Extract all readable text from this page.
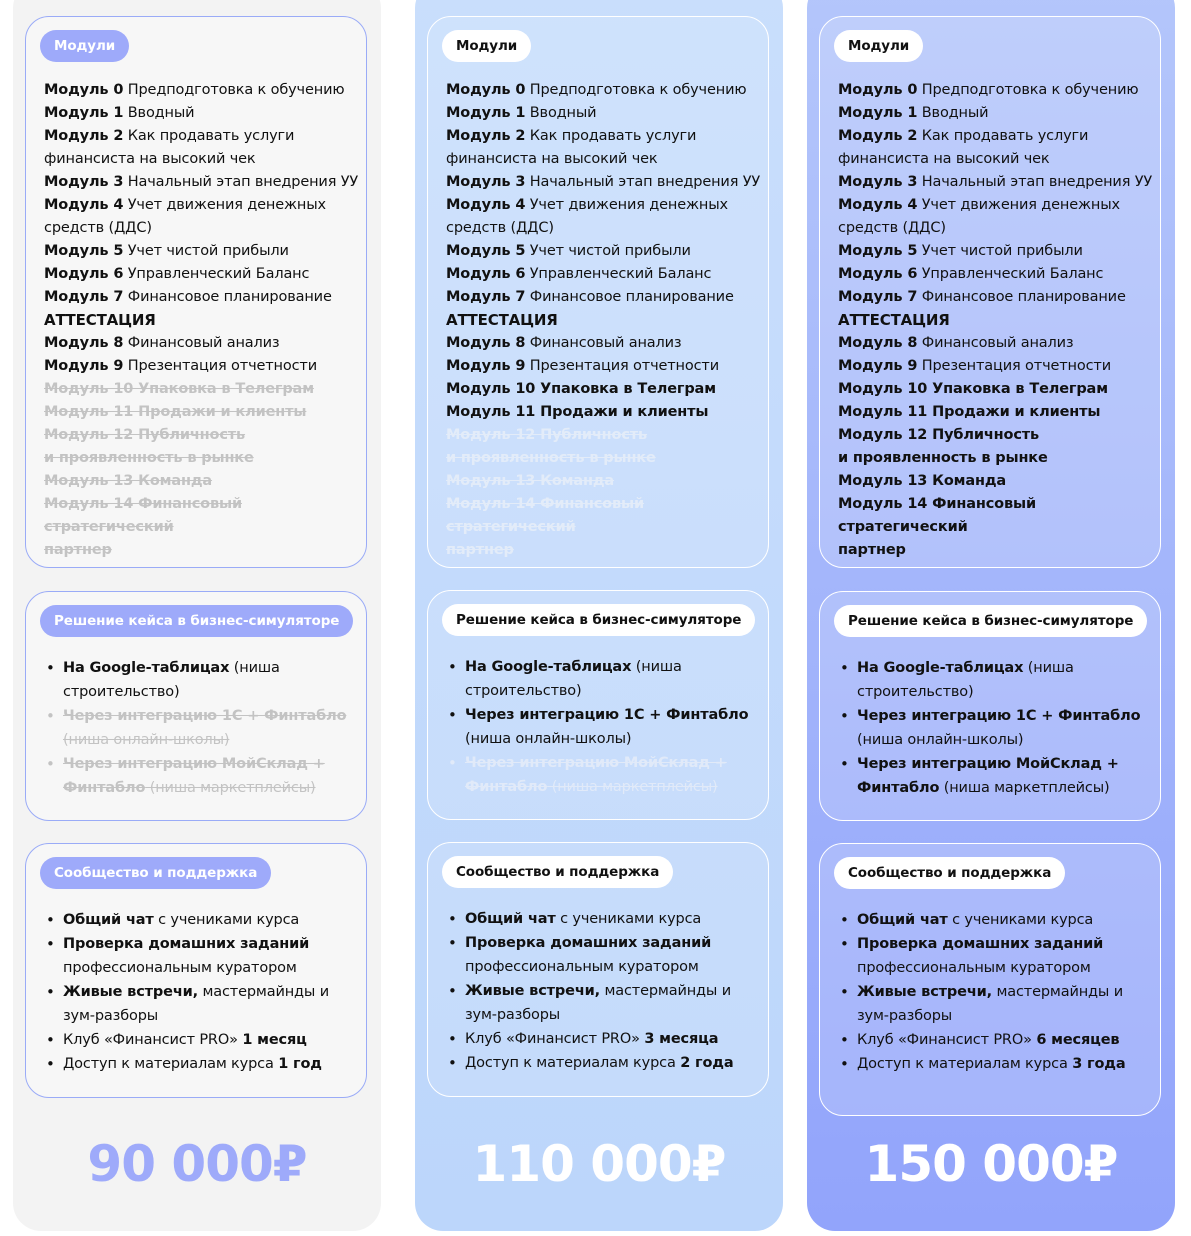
Модули
Модуль 0 Предподготовка к обучению
Модуль 1 Вводный
Модуль 2 Как продавать услуги финансиста на высокий чек
Модуль 3 Начальный этап внедрения УУ
Модуль 4 Учет движения денежных средств (ДДС)
Модуль 5 Учет чистой прибыли
Модуль 6 Управленческий Баланс
Модуль 7 Финансовое планирование
АТТЕСТАЦИЯ
Модуль 8 Финансовый анализ
Модуль 9 Презентация отчетности
Модуль 10 Упаковка в Телеграм
Модуль 11 Продажи и клиенты
Модуль 12 Публичность
и проявленность в рынке
Модуль 13 Команда
Модуль 14 Финансовый стратегический
партнер
Решение кейса в бизнес-симуляторе
• На Google-таблицах (ниша строительство)
• Через интеграцию 1С + Финтабло (ниша онлайн-школы)
• Через интеграцию МойСклад + Финтабло (ниша маркетплейсы)
Сообщество и поддержка
• Общий чат с учениками курса
• Проверка домашних заданий профессиональным куратором
• Живые встречи, мастермайнды и зум-разборы
• Клуб «Финансист PRO» 1 месяц
• Доступ к материалам курса 1 год
90 000₽
Модули
Модуль 0 Предподготовка к обучению
Модуль 1 Вводный
Модуль 2 Как продавать услуги финансиста на высокий чек
Модуль 3 Начальный этап внедрения УУ
Модуль 4 Учет движения денежных средств (ДДС)
Модуль 5 Учет чистой прибыли
Модуль 6 Управленческий Баланс
Модуль 7 Финансовое планирование
АТТЕСТАЦИЯ
Модуль 8 Финансовый анализ
Модуль 9 Презентация отчетности
Модуль 10 Упаковка в Телеграм
Модуль 11 Продажи и клиенты
Модуль 12 Публичность
и проявленность в рынке
Модуль 13 Команда
Модуль 14 Финансовый стратегический
партнер
Решение кейса в бизнес-симуляторе
• На Google-таблицах (ниша строительство)
• Через интеграцию 1С + Финтабло (ниша онлайн-школы)
• Через интеграцию МойСклад + Финтабло (ниша маркетплейсы)
Сообщество и поддержка
• Общий чат с учениками курса
• Проверка домашних заданий профессиональным куратором
• Живые встречи, мастермайнды и зум-разборы
• Клуб «Финансист PRO» 3 месяца
• Доступ к материалам курса 2 года
110 000₽
Модули
Модуль 0 Предподготовка к обучению
Модуль 1 Вводный
Модуль 2 Как продавать услуги финансиста на высокий чек
Модуль 3 Начальный этап внедрения УУ
Модуль 4 Учет движения денежных средств (ДДС)
Модуль 5 Учет чистой прибыли
Модуль 6 Управленческий Баланс
Модуль 7 Финансовое планирование
АТТЕСТАЦИЯ
Модуль 8 Финансовый анализ
Модуль 9 Презентация отчетности
Модуль 10 Упаковка в Телеграм
Модуль 11 Продажи и клиенты
Модуль 12 Публичность
и проявленность в рынке
Модуль 13 Команда
Модуль 14 Финансовый стратегический
партнер
Решение кейса в бизнес-симуляторе
• На Google-таблицах (ниша строительство)
• Через интеграцию 1С + Финтабло (ниша онлайн-школы)
• Через интеграцию МойСклад + Финтабло (ниша маркетплейсы)
Сообщество и поддержка
• Общий чат с учениками курса
• Проверка домашних заданий профессиональным куратором
• Живые встречи, мастермайнды и зум-разборы
• Клуб «Финансист PRO» 6 месяцев
• Доступ к материалам курса 3 года
150 000₽
